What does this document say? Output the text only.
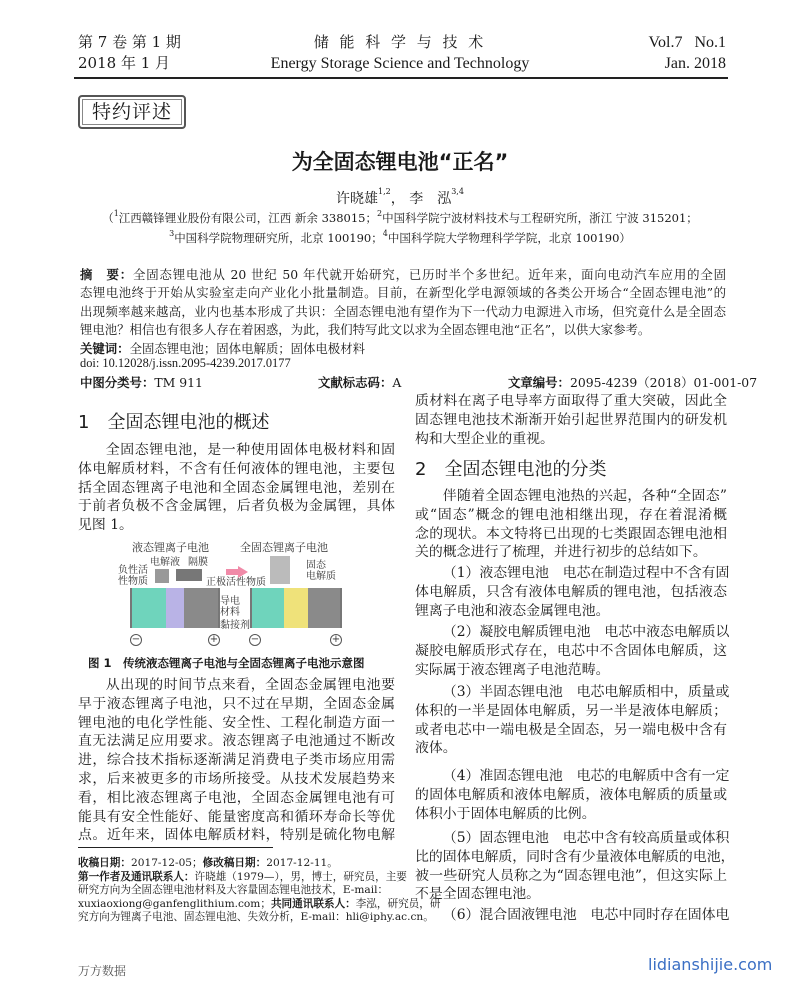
第 7 卷 第 1 期
2018 年 1 月
储 能 科 学 与 技 术
Energy Storage Science and Technology
Vol.7   No.1
Jan. 2018
特约评述
为全固态锂电池“正名”
许晓雄$^{1,2}$， 李　泓$^{3,4}$
（$^1$江西赣锋锂业股份有限公司，江西 新余 338015；$^2$中国科学院宁波材料技术与工程研究所，浙江 宁波 315201；
$^3$中国科学院物理研究所，北京 100190；$^4$中国科学院大学物理科学学院，北京 100190）
摘　要：全固态锂电池从 20 世纪 50 年代就开始研究，已历时半个多世纪。近年来，面向电动汽车应用的全固
态锂电池终于开始从实验室走向产业化小批量制造。目前，在新型化学电源领域的各类公开场合“全固态锂电池”的
出现频率越来越高，业内也基本形成了共识：全固态锂电池有望作为下一代动力电源进入市场，但究竟什么是全固态
锂电池？相信也有很多人存在着困惑，为此，我们特写此文以求为全固态锂电池“正名”，以供大家参考。
关键词：全固态锂电池；固体电解质；固体电极材料
doi: 10.12028/j.issn.2095-4239.2017.0177
中图分类号：TM 911	文献标志码：A	文章编号：2095-4239（2018）01-001-07
1　全固态锂电池的概述
全固态锂电池，是一种使用固体电极材料和固
体电解质材料，不含有任何液体的锂电池，主要包
括全固态锂离子电池和全固态金属锂电池，差别在
于前者负极不含金属锂，后者负极为金属锂，具体
见图 1。
液态锂离子电池	全固态锂离子电池
电解液 隔膜
负性活
性物质	正极活性物质
固态
电解质
导电
材料
黏接剂
−	+	−	+
图 1　传统液态锂离子电池与全固态锂离子电池示意图
从出现的时间节点来看，全固态金属锂电池要
早于液态锂离子电池，只不过在早期，全固态金属
锂电池的电化学性能、安全性、工程化制造方面一
直无法满足应用要求。液态锂离子电池通过不断改
进，综合技术指标逐渐满足消费电子类市场应用需
求，后来被更多的市场所接受。从技术发展趋势来
看，相比液态锂离子电池，全固态金属锂电池有可
能具有安全性能好、能量密度高和循环寿命长等优
点。近年来，固体电解质材料，特别是硫化物电解
收稿日期：2017-12-05；修改稿日期：2017-12-11。
第一作者及通讯联系人：许晓雄（1979—），男，博士，研究员，主要
研究方向为全固态锂电池材料及大容量固态锂电池技术，E-mail：
xuxiaoxiong@ganfenglithium.com；共同通讯联系人：李泓，研究员，研
究方向为锂离子电池、固态锂电池、失效分析，E-mail：hli@iphy.ac.cn。
质材料在离子电导率方面取得了重大突破，因此全
固态锂电池技术渐渐开始引起世界范围内的研发机
构和大型企业的重视。
2　全固态锂电池的分类
伴随着全固态锂电池热的兴起，各种“全固态”
或“固态”概念的锂电池相继出现，存在着混淆概
念的现状。本文特将已出现的七类跟固态锂电池相
关的概念进行了梳理，并进行初步的总结如下。
（1）液态锂电池　电芯在制造过程中不含有固
体电解质，只含有液体电解质的锂电池，包括液态
锂离子电池和液态金属锂电池。
（2）凝胶电解质锂电池　电芯中液态电解质以
凝胶电解质形式存在，电芯中不含固体电解质，这
实际属于液态锂离子电池范畴。
（3）半固态锂电池　电芯电解质相中，质量或
体积的一半是固体电解质，另一半是液体电解质；
或者电芯中一端电极是全固态，另一端电极中含有
液体。
（4）准固态锂电池　电芯的电解质中含有一定
的固体电解质和液体电解质，液体电解质的质量或
体积小于固体电解质的比例。
（5）固态锂电池　电芯中含有较高质量或体积
比的固体电解质，同时含有少量液体电解质的电池，
被一些研究人员称之为“固态锂电池”，但这实际上
不是全固态锂电池。
（6）混合固液锂电池　电芯中同时存在固体电
万方数据	lidianshijie.com
